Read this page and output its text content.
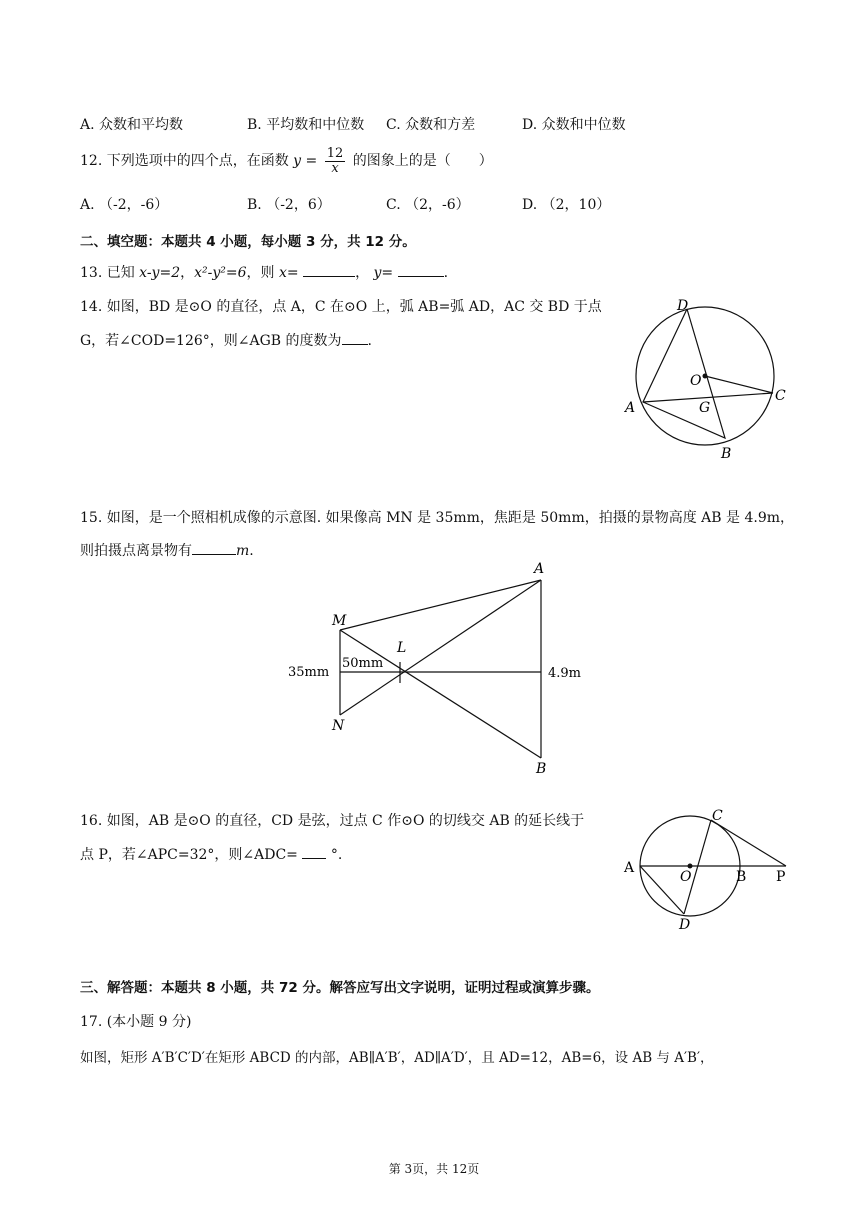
A. 众数和平均数	B. 平均数和中位数 C. 众数和方差	D. 众数和中位数
12. 下列选项中的四个点，在函数 $y = \frac{12}{x}$ 的图象上的是（　　）
A. （-2，-6）	B. （-2，6）	C. （2，-6）	D. （2，10）
二、填空题：本题共 4 小题，每小题 3 分，共 12 分。
13. 已知 x-y=2，x²-y²=6，则 x=	， y=	.
14. 如图，BD 是⊙O 的直径，点 A，C 在⊙O 上，弧 AB=弧 AD，AC 交 BD 于点
G，若∠COD=126°，则∠AGB 的度数为 .
D
O
C
A	G
B
15. 如图，是一个照相机成像的示意图. 如果像高 MN 是 35mm，焦距是 50mm，拍摄的景物高度 AB 是 4.9m，
则拍摄点离景物有	m.
A
M
L
N
B
35mm
50mm
4.9m
16. 如图，AB 是⊙O 的直径，CD 是弦，过点 C 作⊙O 的切线交 AB 的延长线于
点 P，若∠APC=32°，则∠ADC= °.
C
A
O	B P
D
三、解答题：本题共 8 小题，共 72 分。解答应写出文字说明，证明过程或演算步骤。
17. (本小题 9 分)
如图，矩形 A′B′C′D′在矩形 ABCD 的内部，AB∥A′B′，AD∥A′D′，且 AD=12，AB=6，设 AB 与 A′B′，
第 3页，共 12页
